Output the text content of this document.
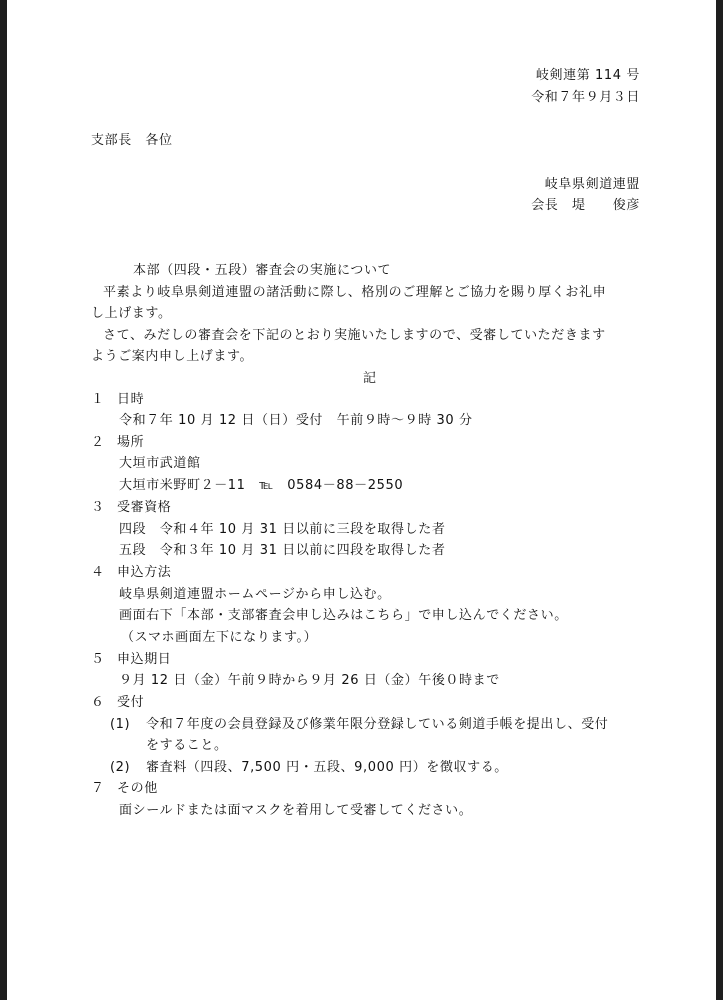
岐剣連第 114 号
令和７年９月３日
支部長　各位
岐阜県剣道連盟
会長　堤　　俊彦
本部（四段・五段）審査会の実施について
平素より岐阜県剣道連盟の諸活動に際し、格別のご理解とご協力を賜り厚くお礼申
し上げます。
さて、みだしの審査会を下記のとおり実施いたしますので、受審していただきます
ようご案内申し上げます。
記
１ 日時
令和７年 10 月 12 日（日）受付　午前９時～９時 30 分
２ 場所
大垣市武道館
大垣市米野町２－11　℡　0584－88－2550
３ 受審資格
四段　令和４年 10 月 31 日以前に三段を取得した者
五段　令和３年 10 月 31 日以前に四段を取得した者
４ 申込方法
岐阜県剣道連盟ホームページから申し込む。
画面右下「本部・支部審査会申し込みはこちら」で申し込んでください。
（スマホ画面左下になります。）
５ 申込期日
９月 12 日（金）午前９時から９月 26 日（金）午後０時まで
６ 受付
(1) 令和７年度の会員登録及び修業年限分登録している剣道手帳を提出し、受付
をすること。
(2) 審査料（四段、7,500 円・五段、9,000 円）を徴収する。
７ その他
面シールドまたは面マスクを着用して受審してください。
